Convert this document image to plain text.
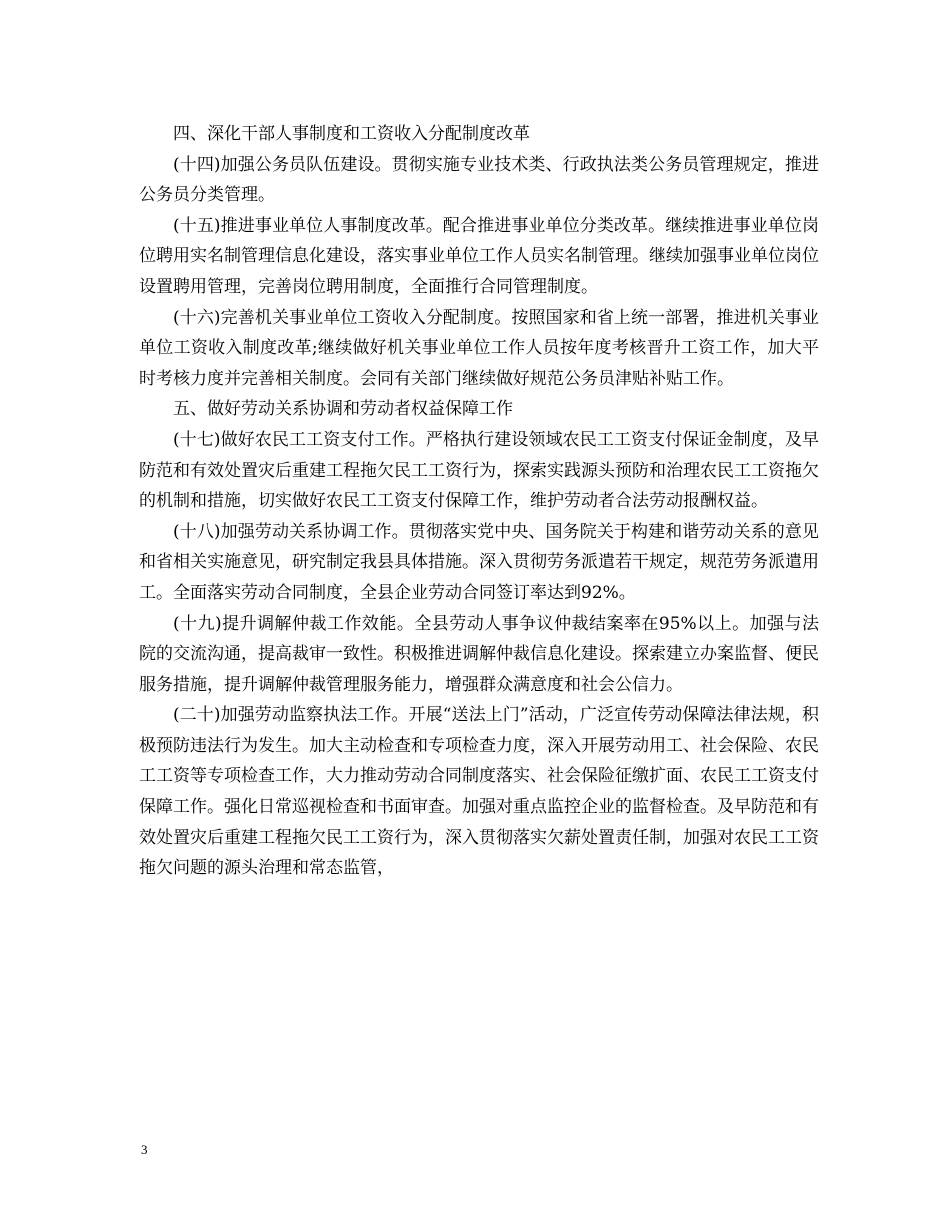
四、深化干部人事制度和工资收入分配制度改革

(十四)加强公务员队伍建设。贯彻实施专业技术类、行政执法类公务员管理规定，推进公务员分类管理。

(十五)推进事业单位人事制度改革。配合推进事业单位分类改革。继续推进事业单位岗位聘用实名制管理信息化建设，落实事业单位工作人员实名制管理。继续加强事业单位岗位设置聘用管理，完善岗位聘用制度，全面推行合同管理制度。

(十六)完善机关事业单位工资收入分配制度。按照国家和省上统一部署，推进机关事业单位工资收入制度改革;继续做好机关事业单位工作人员按年度考核晋升工资工作，加大平时考核力度并完善相关制度。会同有关部门继续做好规范公务员津贴补贴工作。

五、做好劳动关系协调和劳动者权益保障工作

(十七)做好农民工工资支付工作。严格执行建设领域农民工工资支付保证金制度，及早防范和有效处置灾后重建工程拖欠民工工资行为，探索实践源头预防和治理农民工工资拖欠的机制和措施，切实做好农民工工资支付保障工作，维护劳动者合法劳动报酬权益。

(十八)加强劳动关系协调工作。贯彻落实党中央、国务院关于构建和谐劳动关系的意见和省相关实施意见，研究制定我县具体措施。深入贯彻劳务派遣若干规定，规范劳务派遣用工。全面落实劳动合同制度，全县企业劳动合同签订率达到92%。

(十九)提升调解仲裁工作效能。全县劳动人事争议仲裁结案率在95%以上。加强与法院的交流沟通，提高裁审一致性。积极推进调解仲裁信息化建设。探索建立办案监督、便民服务措施，提升调解仲裁管理服务能力，增强群众满意度和社会公信力。

(二十)加强劳动监察执法工作。开展“送法上门”活动，广泛宣传劳动保障法律法规，积极预防违法行为发生。加大主动检查和专项检查力度，深入开展劳动用工、社会保险、农民工工资等专项检查工作，大力推动劳动合同制度落实、社会保险征缴扩面、农民工工资支付保障工作。强化日常巡视检查和书面审查。加强对重点监控企业的监督检查。及早防范和有效处置灾后重建工程拖欠民工工资行为，深入贯彻落实欠薪处置责任制，加强对农民工工资拖欠问题的源头治理和常态监管，

3
